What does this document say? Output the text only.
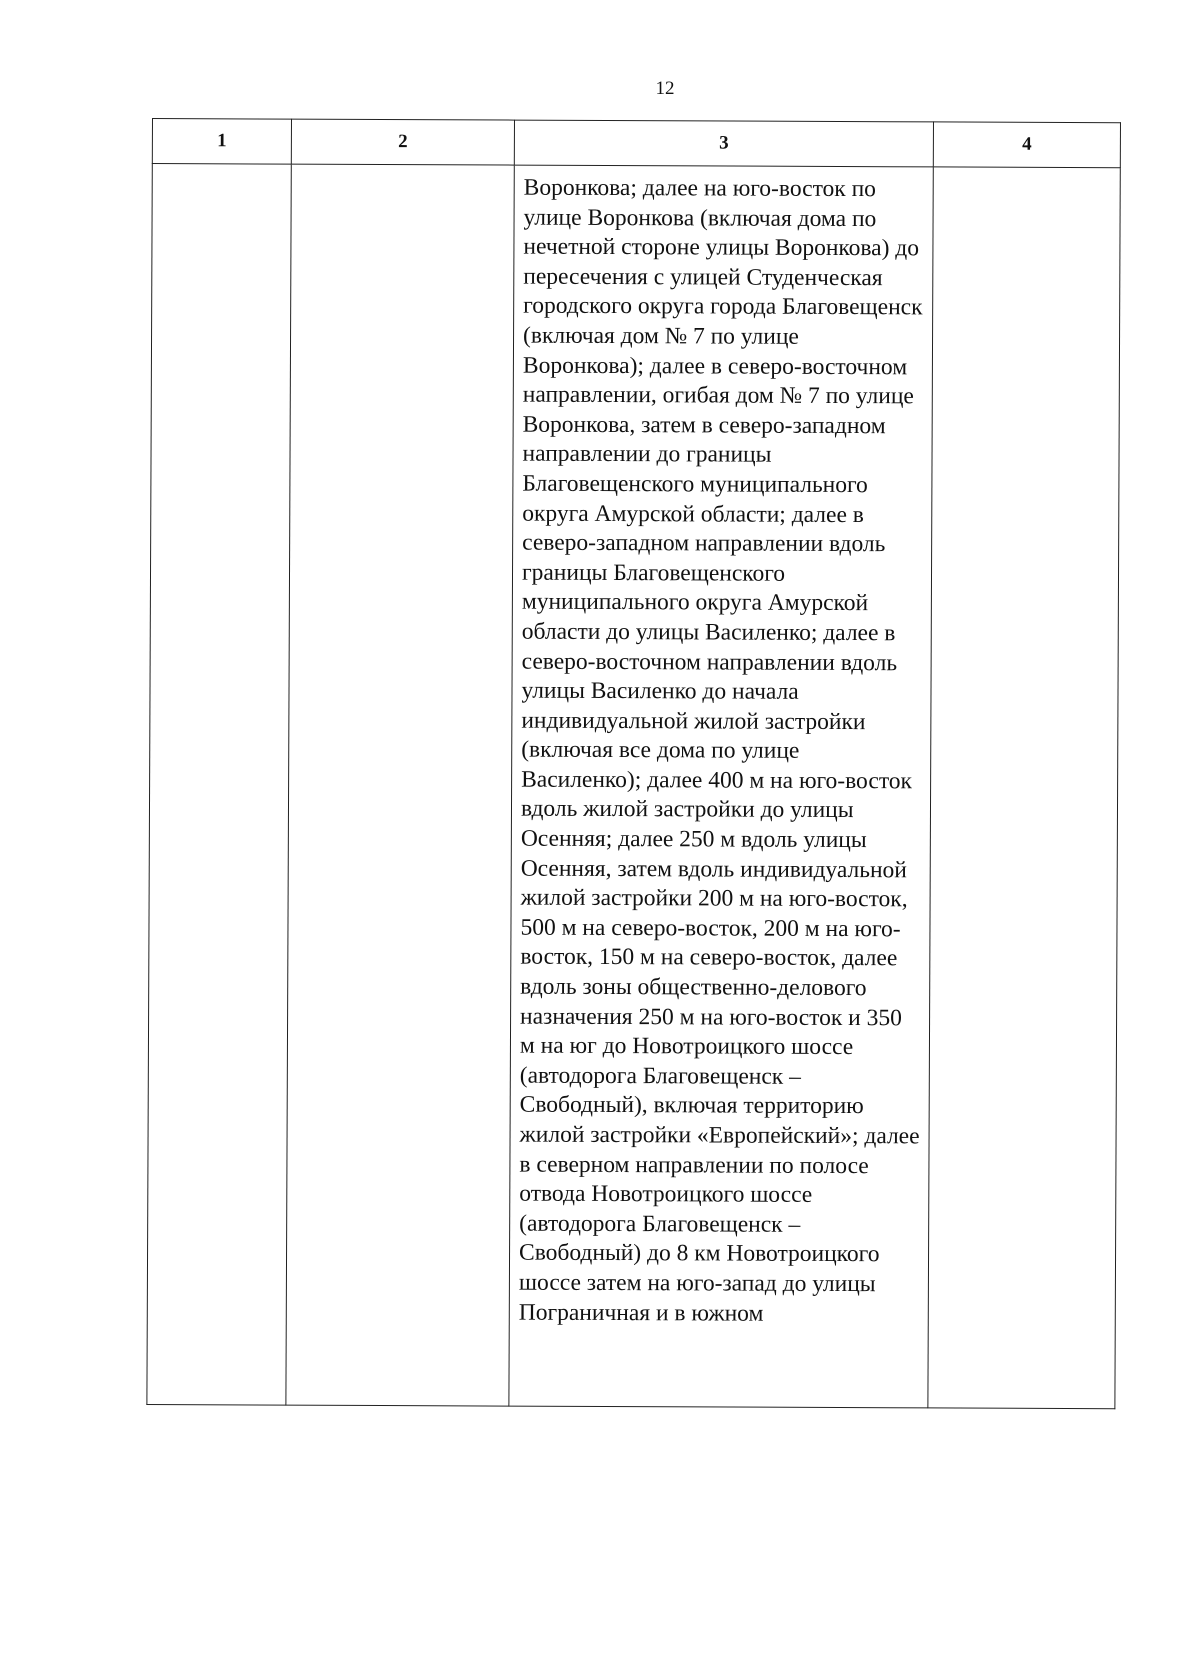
12
1	2	3	4

		Воронкова; далее на юго-восток по улице Воронкова (включая дома по нечетной стороне улицы Воронкова) до пересечения с улицей Студенческая городского округа города Благовещенск (включая дом № 7 по улице Воронкова); далее в северо-восточном направлении, огибая дом № 7 по улице Воронкова, затем в северо-западном направлении до границы Благовещенского муниципального округа Амурской области; далее в северо-западном направлении вдоль границы Благовещенского муниципального округа Амурской области до улицы Василенко; далее в северо-восточном направлении вдоль улицы Василенко до начала индивидуальной жилой застройки (включая все дома по улице Василенко); далее 400 м на юго-восток вдоль жилой застройки до улицы Осенняя; далее 250 м вдоль улицы Осенняя, затем вдоль индивидуальной жилой застройки 200 м на юго-восток, 500 м на северо-восток, 200 м на юго-восток, 150 м на северо-восток, далее вдоль зоны общественно-делового назначения 250 м на юго-восток и 350 м на юг до Новотроицкого шоссе (автодорога Благовещенск – Свободный), включая территорию жилой застройки «Европейский»; далее в северном направлении по полосе отвода Новотроицкого шоссе (автодорога Благовещенск – Свободный) до 8 км Новотроицкого шоссе затем на юго-запад до улицы Пограничная и в южном	
